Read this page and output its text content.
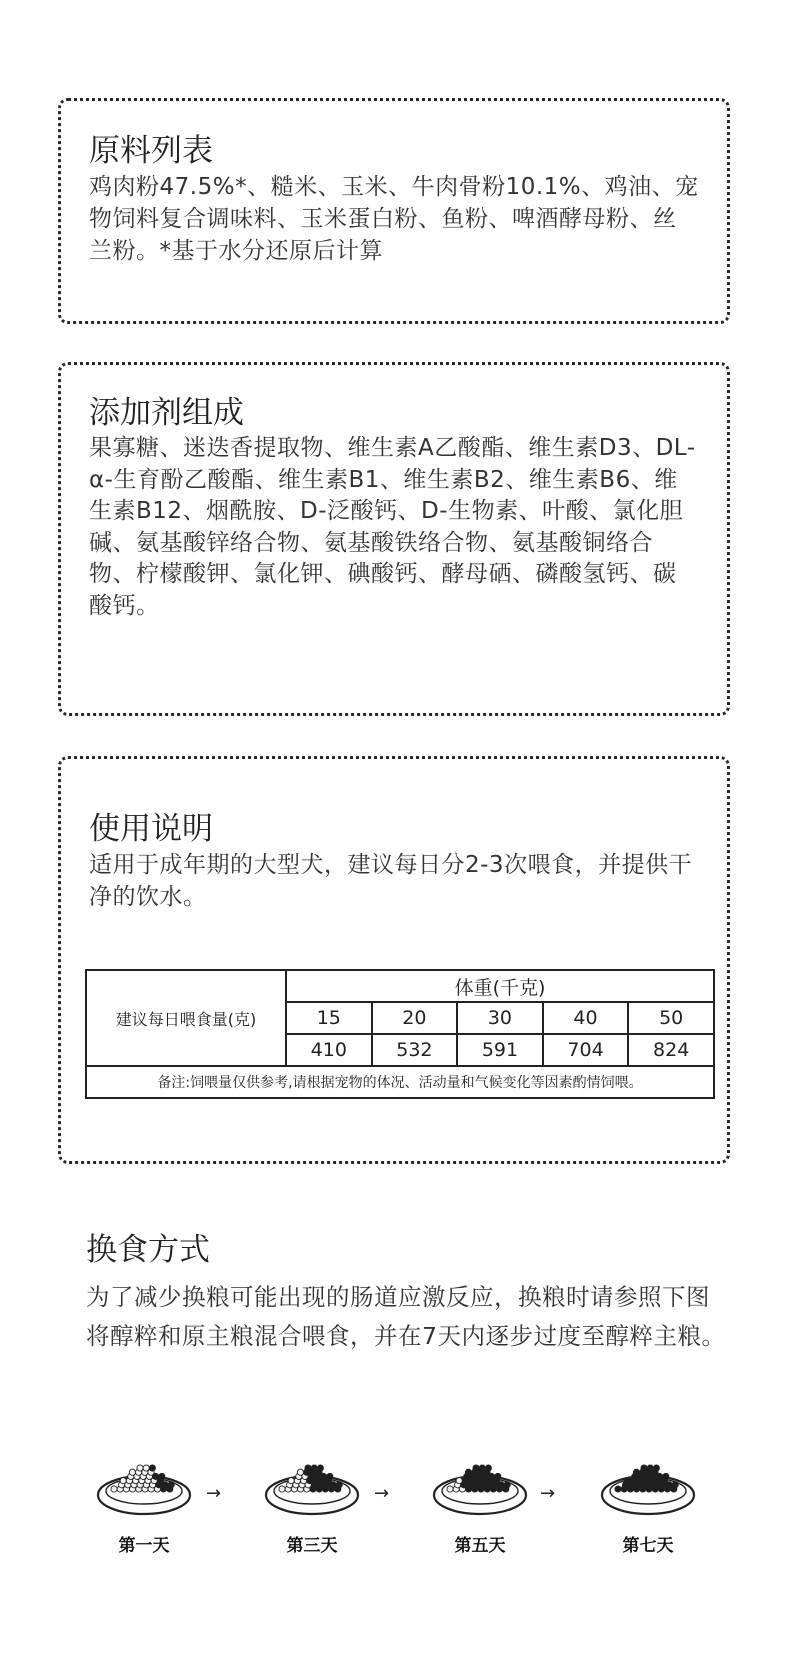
原料列表

鸡肉粉47.5%*、糙米、玉米、牛肉骨粉10.1%、鸡油、宠物饲料复合调味料、玉米蛋白粉、鱼粉、啤酒酵母粉、丝兰粉。*基于水分还原后计算

添加剂组成

果寡糖、迷迭香提取物、维生素A乙酸酯、维生素D3、DL-α-生育酚乙酸酯、维生素B1、维生素B2、维生素B6、维生素B12、烟酰胺、D-泛酸钙、D-生物素、叶酸、氯化胆碱、氨基酸锌络合物、氨基酸铁络合物、氨基酸铜络合物、柠檬酸钾、氯化钾、碘酸钙、酵母硒、磷酸氢钙、碳酸钙。

使用说明

适用于成年期的大型犬，建议每日分2-3次喂食，并提供干净的饮水。

建议每日喂食量(克)	体重(千克)				
	15	20	30	40	50
	410	532	591	704	824
备注:饲喂量仅供参考,请根据宠物的体况、活动量和气候变化等因素酌情饲喂。					
换食方式

为了减少换粮可能出现的肠道应激反应，换粮时请参照下图将醇粹和原主粮混合喂食，并在7天内逐步过度至醇粹主粮。

第一天
→
第三天
→
第五天
→
第七天
